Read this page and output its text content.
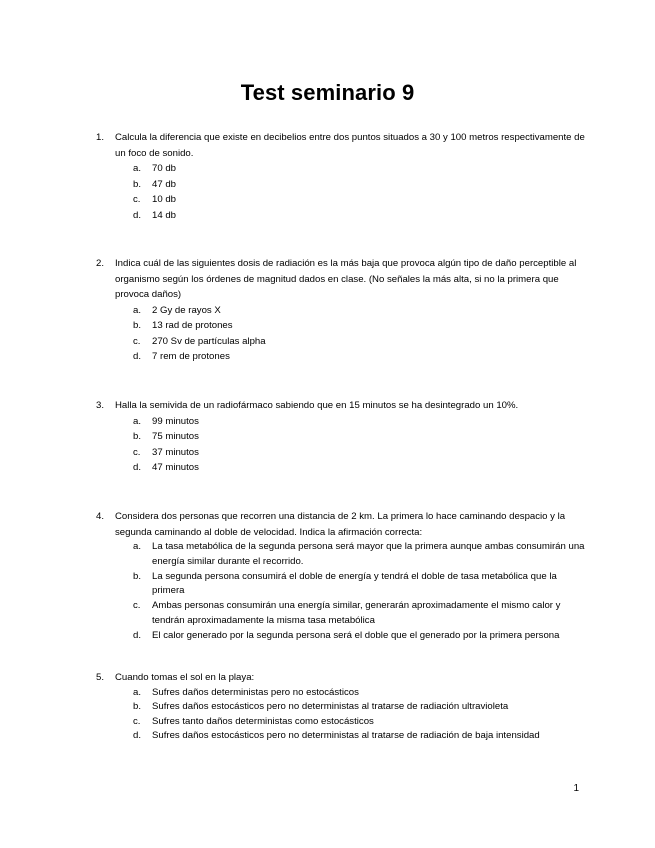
Test seminario 9
1. Calcula la diferencia que existe en decibelios entre dos puntos situados a 30 y 100 metros respectivamente de un foco de sonido.
a. 70 db
b. 47 db
c. 10 db
d. 14 db
2. Indica cuál de las siguientes dosis de radiación es la más baja que provoca algún tipo de daño perceptible al organismo según los órdenes de magnitud dados en clase. (No señales la más alta, si no la primera que provoca daños)
a. 2 Gy de rayos X
b. 13 rad de protones
c. 270 Sv de partículas alpha
d. 7 rem de protones
3. Halla la semivida de un radiofármaco sabiendo que en 15 minutos se ha desintegrado un 10%.
a. 99 minutos
b. 75 minutos
c. 37 minutos
d. 47 minutos
4. Considera dos personas que recorren una distancia de 2 km. La primera lo hace caminando despacio y la segunda caminando al doble de velocidad. Indica la afirmación correcta:
a. La tasa metabólica de la segunda persona será mayor que la primera aunque ambas consumirán una energía similar durante el recorrido.
b. La segunda persona consumirá el doble de energía y tendrá el doble de tasa metabólica que la primera
c. Ambas personas consumirán una energía similar, generarán aproximadamente el mismo calor y tendrán aproximadamente la misma tasa metabólica
d. El calor generado por la segunda persona será el doble que el generado por la primera persona
5. Cuando tomas el sol en la playa:
a. Sufres daños deterministas pero no estocásticos
b. Sufres daños estocásticos pero no deterministas al tratarse de radiación ultravioleta
c. Sufres tanto daños deterministas como estocásticos
d. Sufres daños estocásticos pero no deterministas al tratarse de radiación de baja intensidad
1
